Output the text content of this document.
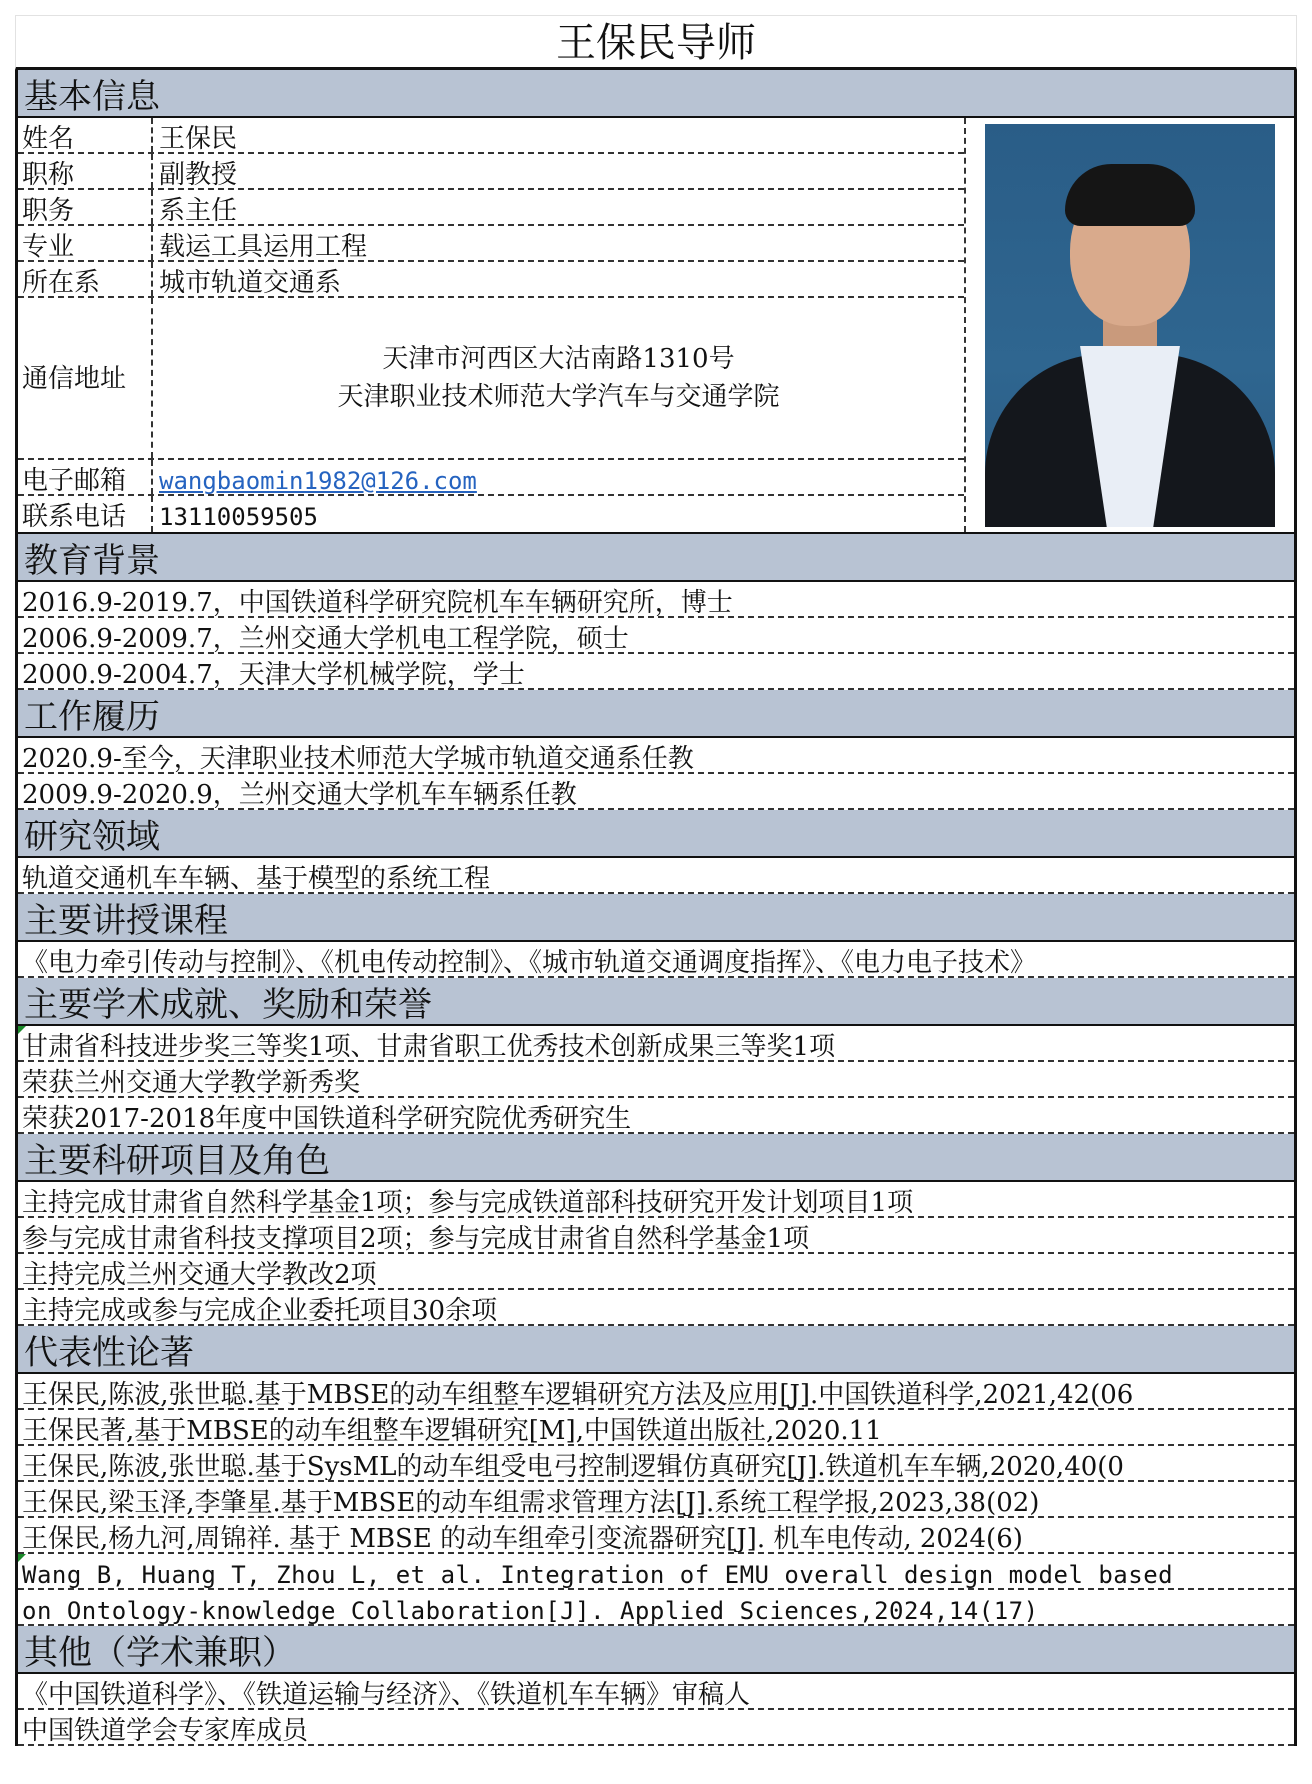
王保民导师
基本信息
姓名	王保民
职称	副教授
职务	系主任
专业	载运工具运用工程
所在系	城市轨道交通系
通信地址
天津市河西区大沽南路1310号
天津职业技术师范大学汽车与交通学院
电子邮箱	wangbaomin1982@126.com
联系电话	13110059505
教育背景
2016.9-2019.7，中国铁道科学研究院机车车辆研究所，博士
2006.9-2009.7，兰州交通大学机电工程学院，硕士
2000.9-2004.7，天津大学机械学院，学士
工作履历
2020.9-至今，天津职业技术师范大学城市轨道交通系任教
2009.9-2020.9，兰州交通大学机车车辆系任教
研究领域
轨道交通机车车辆、基于模型的系统工程
主要讲授课程
《电力牵引传动与控制》、《机电传动控制》、《城市轨道交通调度指挥》、《电力电子技术》
主要学术成就、奖励和荣誉
甘肃省科技进步奖三等奖1项、甘肃省职工优秀技术创新成果三等奖1项
荣获兰州交通大学教学新秀奖
荣获2017-2018年度中国铁道科学研究院优秀研究生
主要科研项目及角色
主持完成甘肃省自然科学基金1项；参与完成铁道部科技研究开发计划项目1项
参与完成甘肃省科技支撑项目2项；参与完成甘肃省自然科学基金1项
主持完成兰州交通大学教改2项
主持完成或参与完成企业委托项目30余项
代表性论著
王保民,陈波,张世聪.基于MBSE的动车组整车逻辑研究方法及应用[J].中国铁道科学,2021,42(06
王保民著,基于MBSE的动车组整车逻辑研究[M],中国铁道出版社,2020.11
王保民,陈波,张世聪.基于SysML的动车组受电弓控制逻辑仿真研究[J].铁道机车车辆,2020,40(0
王保民,梁玉泽,李肇星.基于MBSE的动车组需求管理方法[J].系统工程学报,2023,38(02)
王保民,杨九河,周锦祥. 基于 MBSE 的动车组牵引变流器研究[J]. 机车电传动, 2024(6)
Wang B, Huang T, Zhou L, et al. Integration of EMU overall design model based
on Ontology-knowledge Collaboration[J]. Applied Sciences,2024,14(17)
其他（学术兼职）
《中国铁道科学》、《铁道运输与经济》、《铁道机车车辆》审稿人
中国铁道学会专家库成员
